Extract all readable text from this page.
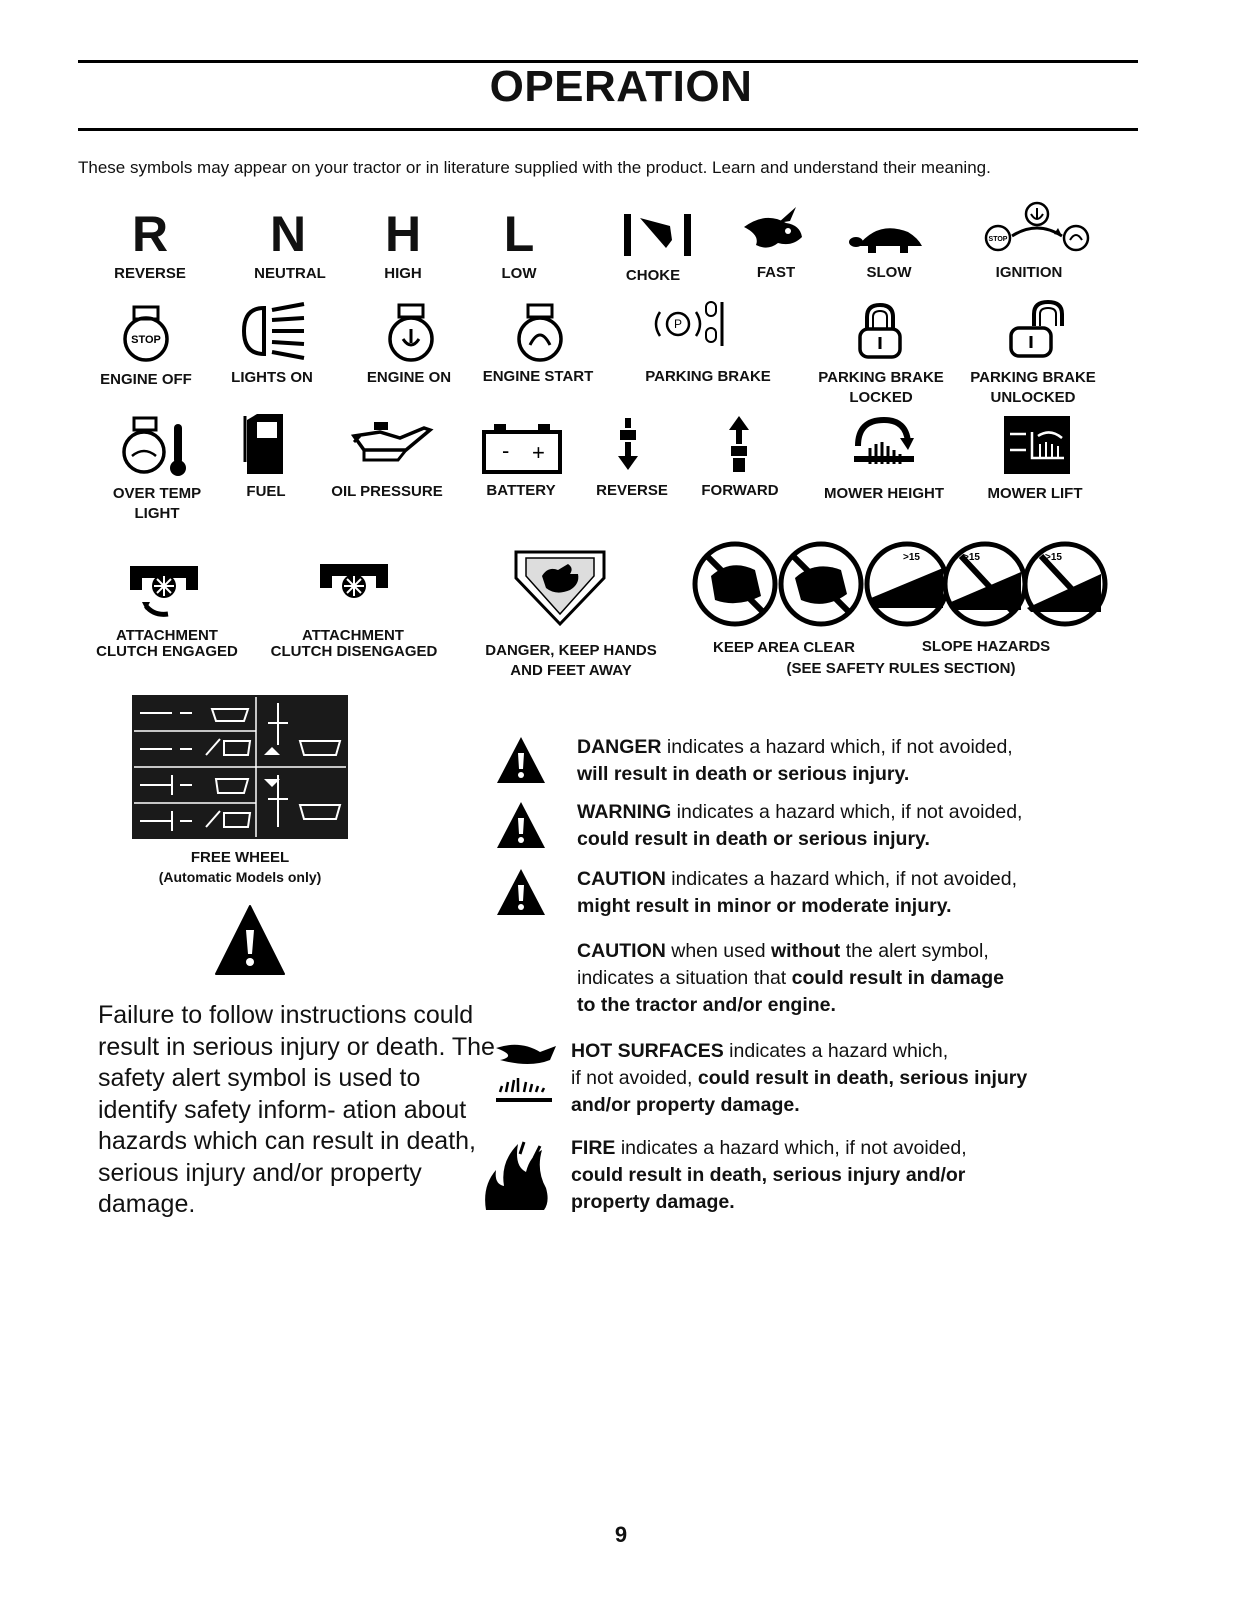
OPERATION
These symbols may appear on your tractor or in literature supplied with the product. Learn and understand their meaning.
R N H L	STOP
REVERSE	NEUTRAL	HIGH	LOW	CHOKE	FAST	SLOW	IGNITION
STOP
P
ENGINE OFF	LIGHTS ON	ENGINE ON	ENGINE START	PARKING BRAKE	PARKING BRAKE
LOCKED
PARKING BRAKE
UNLOCKED
- +
OVER TEMP
LIGHT
FUEL	OIL PRESSURE	BATTERY	REVERSE	FORWARD	MOWER HEIGHT	MOWER LIFT
>15	>15	>15
ATTACHMENT
CLUTCH ENGAGED
ATTACHMENT
CLUTCH DISENGAGED	DANGER, KEEP HANDS
AND FEET AWAY
KEEP AREA CLEAR	SLOPE HAZARDS
(SEE SAFETY RULES SECTION)
FREE WHEEL
(Automatic Models only)
Failure to follow instructions could result in serious injury or death. The safety alert symbol is used to identify safety inform- ation about hazards which can result in death, serious injury and/or property damage.
DANGER indicates a hazard which, if not avoided,
will result in death or serious injury.
WARNING indicates a hazard which, if not avoided,
could result in death or serious injury.
CAUTION indicates a hazard which, if not avoided,
might result in minor or moderate injury.
CAUTION when used without the alert symbol,
indicates a situation that could result in damage
to the tractor and/or engine.
HOT SURFACES indicates a hazard which,
if not avoided, could result in death, serious injury
and/or property damage.
FIRE indicates a hazard which, if not avoided,
could result in death, serious injury and/or
property damage.
9
